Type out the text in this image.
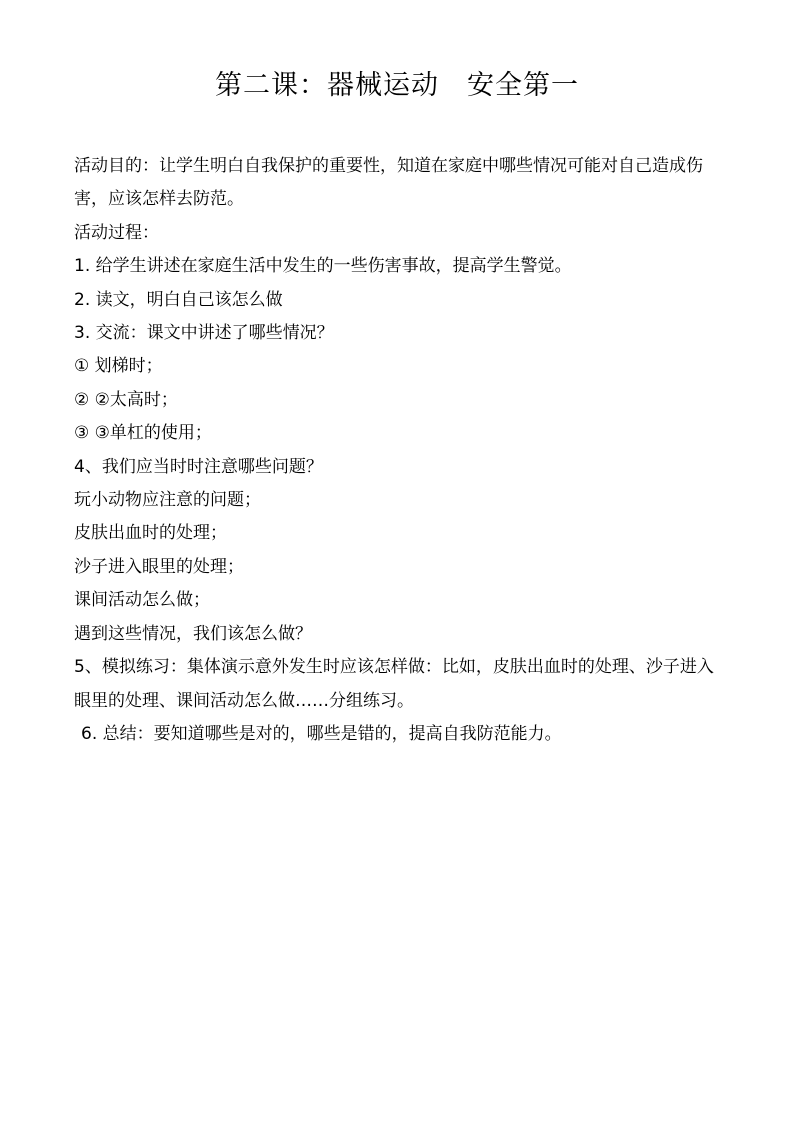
第二课：器械运动　安全第一

活动目的：让学生明白自我保护的重要性，知道在家庭中哪些情况可能对自己造成伤害，应该怎样去防范。

活动过程：

1. 给学生讲述在家庭生活中发生的一些伤害事故，提高学生警觉。

2. 读文，明白自己该怎么做

3. 交流：课文中讲述了哪些情况？

① 划梯时；

② ②太高时；

③ ③单杠的使用；

4、我们应当时时注意哪些问题？

玩小动物应注意的问题；

皮肤出血时的处理；

沙子进入眼里的处理；

课间活动怎么做；

遇到这些情况，我们该怎么做？

5、模拟练习：集体演示意外发生时应该怎样做：比如，皮肤出血时的处理、沙子进入眼里的处理、课间活动怎么做……分组练习。

6. 总结：要知道哪些是对的，哪些是错的，提高自我防范能力。
